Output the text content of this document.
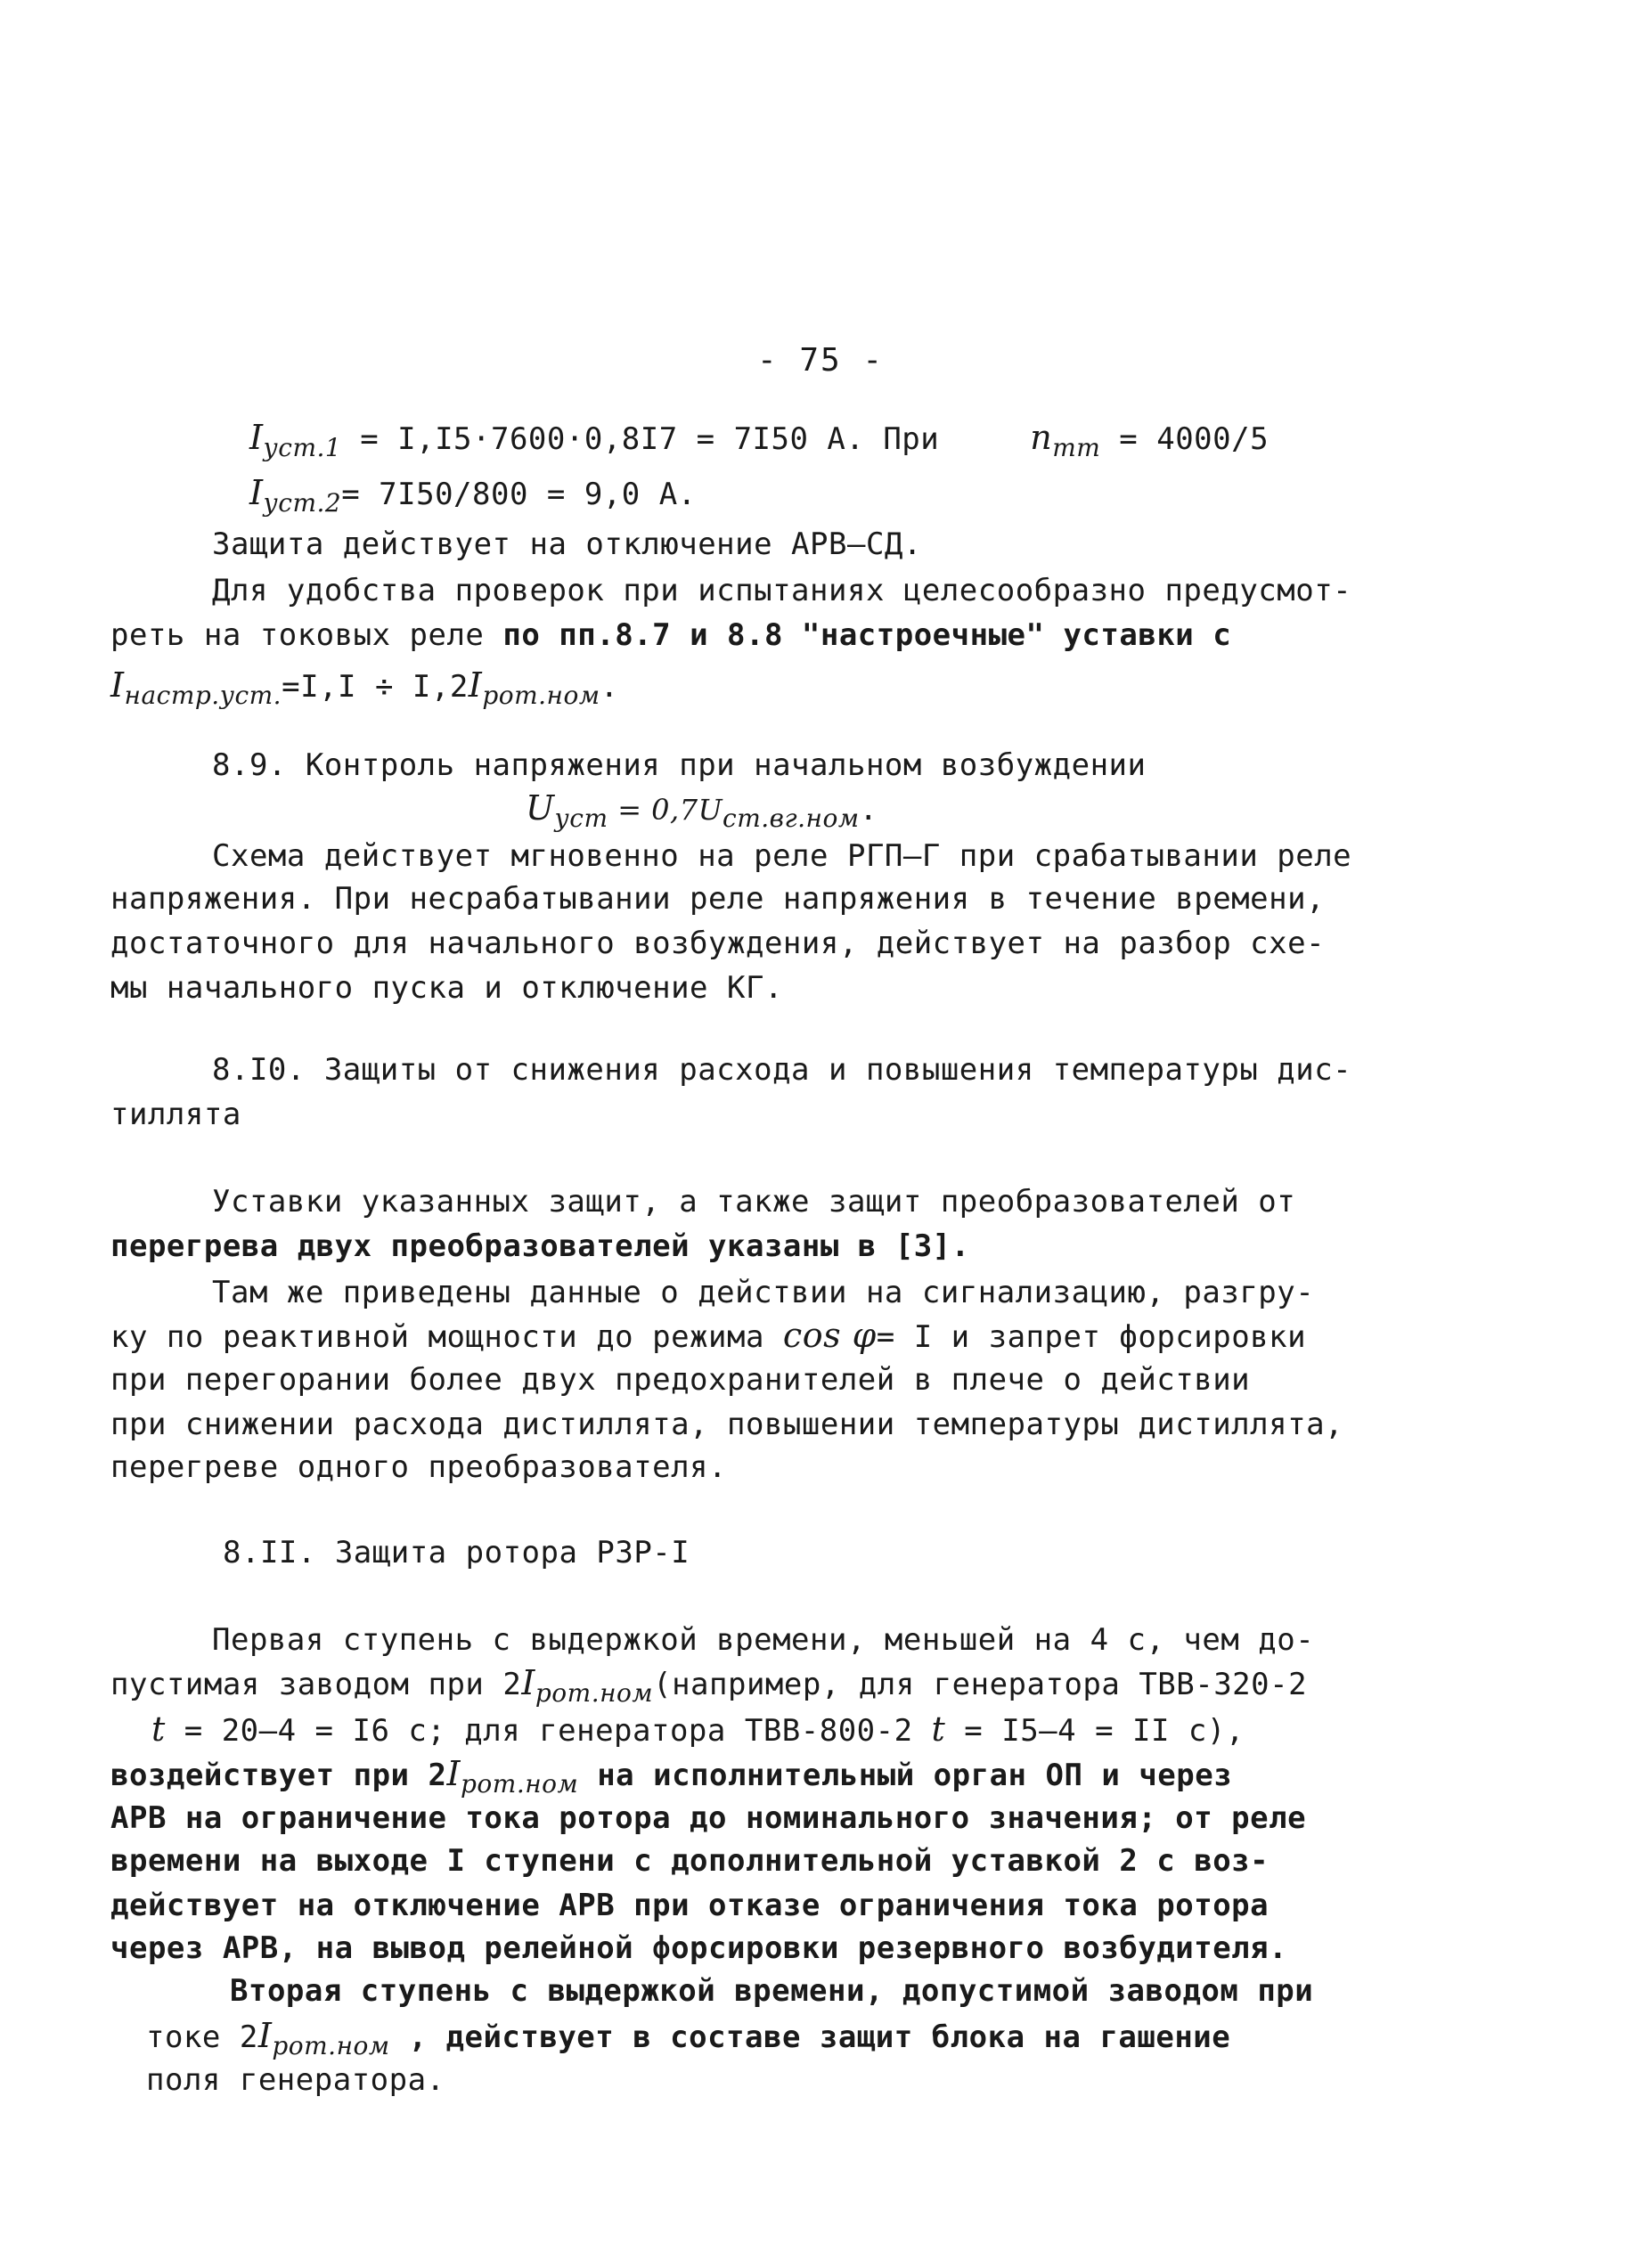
- 75 -
$I_{уст.1} = I,I5\cdot 7600\cdot 0,8I7 = 7I50$ А. При	$n_{тт} = 4000/5$
$I_{уст.2}= 7I50/800 = 9,0$ А.
Защита действует на отключение АРВ–СД.
Для удобства проверок при испытаниях целесообразно предусмот-
реть на токовых реле по пп.8.7 и 8.8 "настроечные" уставки с
$I_{настр.уст.}=I,I \div I,2I_{рот.ном}$.
8.9. Контроль напряжения при начальном возбуждении
$U_{уст} = 0,7U_{ст.вг.ном}$.
Схема действует мгновенно на реле РГП–Г при срабатывании реле
напряжения. При несрабатывании реле напряжения в течение времени,
достаточного для начального возбуждения, действует на разбор схе-
мы начального пуска и отключение КГ.
8.I0. Защиты от снижения расхода и повышения температуры дис-
тиллята
Уставки указанных защит, а также защит преобразователей от
перегрева двух преобразователей указаны в [3].
Там же приведены данные о действии на сигнализацию, разгру-
ку по реактивной мощности до режима cos φ= I и запрет форсировки
при перегорании более двух предохранителей в плече о действии
при снижении расхода дистиллята, повышении температуры дистиллята,
перегреве одного преобразователя.
8.II. Защита ротора РЗР-I
Первая ступень с выдержкой времени, меньшей на 4 с, чем до-
пустимая заводом при $2I_{рот.ном}(например$, для генератора ТВВ-320-2
t = 20–4 = I6 с; для генератора ТВВ-800-2 t = I5–4 = II с),
воздействует при $2I_{рот.ном}$ на исполнительный орган ОП и через
АРВ на ограничение тока ротора до номинального значения; от реле
времени на выходе I ступени с дополнительной уставкой 2 с воз-
действует на отключение АРВ при отказе ограничения тока ротора
через АРВ, на вывод релейной форсировки резервного возбудителя.
Вторая ступень с выдержкой времени, допустимой заводом при
токе $2I_{рот.ном}$ , действует в составе защит блока на гашение
поля генератора.
